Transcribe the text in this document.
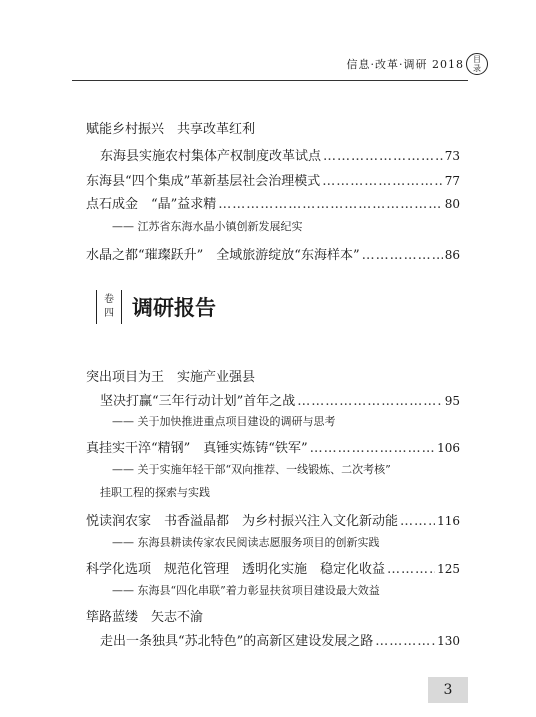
信息·改革·调研 2018 目
录
赋能乡村振兴　共享改革红利
东海县实施农村集体产权制度改革试点 ……………………………………………………………………………………………………………………	73
东海县“四个集成”革新基层社会治理模式 ……………………………………………………………………………………………………………………	77
点石成金　“晶”益求精 ……………………………………………………………………………………………………………………	80
—— 江苏省东海水晶小镇创新发展纪实
水晶之都“璀璨跃升”　全域旅游绽放“东海样本” ……………………………………………………………………………………………………………………	86
卷
四 调研报告
突出项目为王　实施产业强县
坚决打赢“三年行动计划”首年之战 ……………………………………………………………………………………………………………………	95
—— 关于加快推进重点项目建设的调研与思考
真挂实干淬“精钢”　真锤实炼铸“铁军” ……………………………………………………………………………………………………………………	106
—— 关于实施年轻干部“双向推荐、一线锻炼、二次考核”
挂职工程的探索与实践
悦读润农家　书香溢晶都　为乡村振兴注入文化新动能 ……………………………………………………………………………………………………………………	116
—— 东海县耕读传家农民阅读志愿服务项目的创新实践
科学化选项　规范化管理　透明化实施　稳定化收益 ……………………………………………………………………………………………………………………	125
—— 东海县“四化串联”着力彰显扶贫项目建设最大效益
筚路蓝缕　矢志不渝
走出一条独具“苏北特色”的高新区建设发展之路 ……………………………………………………………………………………………………………………	130
3
